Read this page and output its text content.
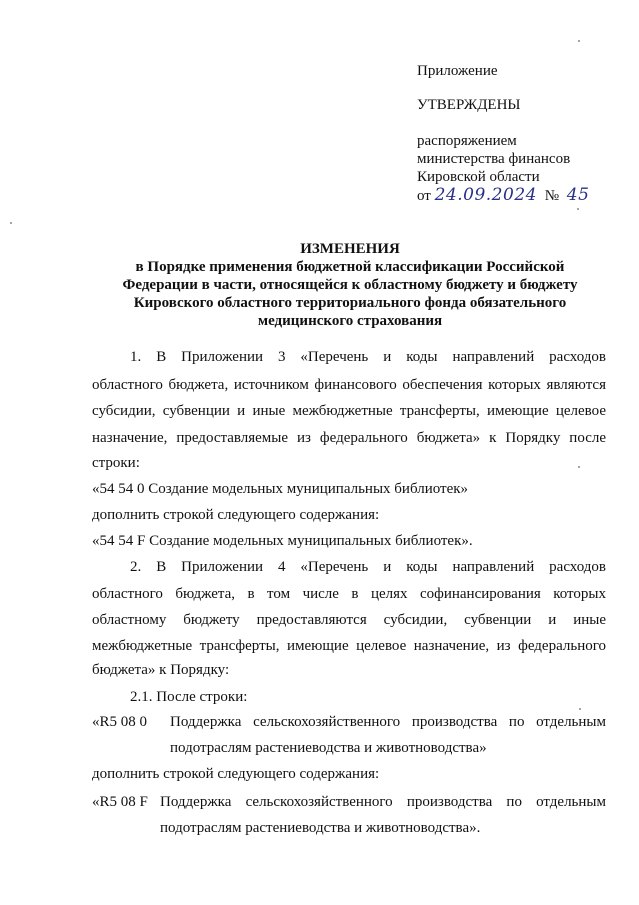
Приложение
УТВЕРЖДЕНЫ
распоряжением
министерства финансов
Кировской области
от 24.09.2024 № 45
ИЗМЕНЕНИЯ
в Порядке применения бюджетной классификации Российской
Федерации в части, относящейся к областному бюджету и бюджету
Кировского областного территориального фонда обязательного
медицинского страхования
1. В Приложении 3 «Перечень и коды направлений расходов
областного бюджета, источником финансового обеспечения которых являются
субсидии, субвенции и иные межбюджетные трансферты, имеющие целевое
назначение, предоставляемые из федерального бюджета» к Порядку после
строки:
«54 54 0 Создание модельных муниципальных библиотек»
дополнить строкой следующего содержания:
«54 54 F Создание модельных муниципальных библиотек».
2. В Приложении 4 «Перечень и коды направлений расходов
областного бюджета, в том числе в целях софинансирования которых
областному бюджету предоставляются субсидии, субвенции и иные
межбюджетные трансферты, имеющие целевое назначение, из федерального
бюджета» к Порядку:
2.1. После строки:
«R5 08 0 Поддержка сельскохозяйственного производства по отдельным
подотраслям растениеводства и животноводства»
дополнить строкой следующего содержания:
«R5 08 F Поддержка сельскохозяйственного производства по отдельным
подотраслям растениеводства и животноводства».
